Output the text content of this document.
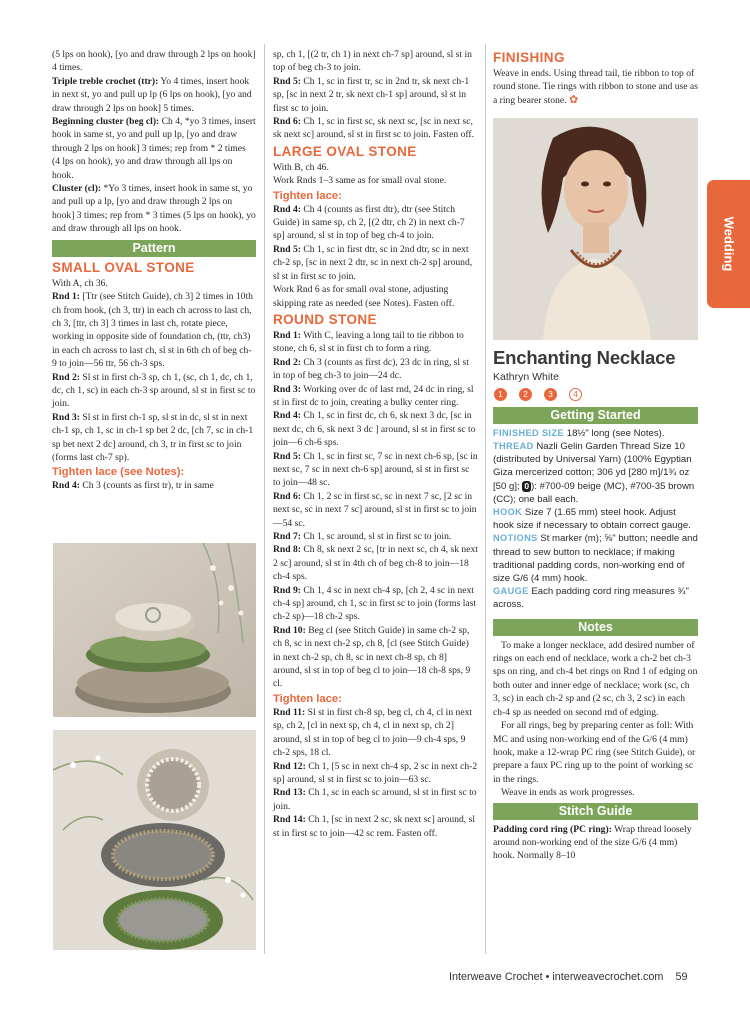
(5 lps on hook), [yo and draw through 2 lps on hook] 4 times.

Triple treble crochet (ttr): Yo 4 times, insert hook in next st, yo and pull up lp (6 lps on hook), [yo and draw through 2 lps on hook] 5 times.

Beginning cluster (beg cl): Ch 4, *yo 3 times, insert hook in same st, yo and pull up lp, [yo and draw through 2 lps on hook] 3 times; rep from * 2 times (4 lps on hook), yo and draw through all lps on hook.

Cluster (cl): *Yo 3 times, insert hook in same st, yo and pull up a lp, [yo and draw through 2 lps on hook] 3 times; rep from * 3 times (5 lps on hook), yo and draw through all lps on hook.

Pattern
SMALL OVAL STONE

With A, ch 36.

Rnd 1: [Ttr (see Stitch Guide), ch 3] 2 times in 10th ch from hook, (ch 3, ttr) in each ch across to last ch, ch 3, [ttr, ch 3] 3 times in last ch, rotate piece, working in opposite side of foundation ch, (ttr, ch3) in each ch across to last ch, sl st in 6th ch of beg ch-9 to join—56 ttr, 56 ch-3 sps.

Rnd 2: Sl st in first ch-3 sp, ch 1, (sc, ch 1, dc, ch 1, dc, ch 1, sc) in each ch-3 sp around, sl st in first sc to join.

Rnd 3: Sl st in first ch-1 sp, sl st in dc, sl st in next ch-1 sp, ch 1, sc in ch-1 sp bet 2 dc, [ch 7, sc in ch-1 sp bet next 2 dc] around, ch 3, tr in first sc to join (forms last ch-7 sp).

Tighten lace (see Notes):

Rnd 4: Ch 3 (counts as first tr), tr in same

sp, ch 1, [(2 tr, ch 1) in next ch-7 sp] around, sl st in top of beg ch-3 to join.

Rnd 5: Ch 1, sc in first tr, sc in 2nd tr, sk next ch-1 sp, [sc in next 2 tr, sk next ch-1 sp] around, sl st in first sc to join.

Rnd 6: Ch 1, sc in first sc, sk next sc, [sc in next sc, sk next sc] around, sl st in first sc to join. Fasten off.

LARGE OVAL STONE

With B, ch 46.

Work Rnds 1–3 same as for small oval stone.

Tighten lace:

Rnd 4: Ch 4 (counts as first dtr), dtr (see Stitch Guide) in same sp, ch 2, [(2 dtr, ch 2) in next ch-7 sp] around, sl st in top of beg ch-4 to join.

Rnd 5: Ch 1, sc in first dtr, sc in 2nd dtr, sc in next ch-2 sp, [sc in next 2 dtr, sc in next ch-2 sp] around, sl st in first sc to join.

Work Rnd 6 as for small oval stone, adjusting skipping rate as needed (see Notes). Fasten off.

ROUND STONE

Rnd 1: With C, leaving a long tail to tie ribbon to stone, ch 6, sl st in first ch to form a ring.

Rnd 2: Ch 3 (counts as first dc), 23 dc in ring, sl st in top of beg ch-3 to join—24 dc.

Rnd 3: Working over dc of last rnd, 24 dc in ring, sl st in first dc to join, creating a bulky center ring.

Rnd 4: Ch 1, sc in first dc, ch 6, sk next 3 dc, [sc in next dc, ch 6, sk next 3 dc ] around, sl st in first sc to join—6 ch-6 sps.

Rnd 5: Ch 1, sc in first sc, 7 sc in next ch-6 sp, [sc in next sc, 7 sc in next ch-6 sp] around, sl st in first sc to join—48 sc.

Rnd 6: Ch 1, 2 sc in first sc, sc in next 7 sc, [2 sc in next sc, sc in next 7 sc] around, sl st in first sc to join—54 sc.

Rnd 7: Ch 1, sc around, sl st in first sc to join.

Rnd 8: Ch 8, sk next 2 sc, [tr in next sc, ch 4, sk next 2 sc] around, sl st in 4th ch of beg ch-8 to join—18 ch-4 sps.

Rnd 9: Ch 1, 4 sc in next ch-4 sp, [ch 2, 4 sc in next ch-4 sp] around, ch 1, sc in first sc to join (forms last ch-2 sp)—18 ch-2 sps.

Rnd 10: Beg cl (see Stitch Guide) in same ch-2 sp, ch 8, sc in next ch-2 sp, ch 8, [cl (see Stitch Guide) in next ch-2 sp, ch 8, sc in next ch-8 sp, ch 8] around, sl st in top of beg cl to join—18 ch-8 sps, 9 cl.

Tighten lace:

Rnd 11: Sl st in first ch-8 sp, beg cl, ch 4, cl in next sp, ch 2, [cl in next sp, ch 4, cl in next sp, ch 2] around, sl st in top of beg cl to join—9 ch-4 sps, 9 ch-2 sps, 18 cl.

Rnd 12: Ch 1, [5 sc in next ch-4 sp, 2 sc in next ch-2 sp] around, sl st in first sc to join—63 sc.

Rnd 13: Ch 1, sc in each sc around, sl st in first sc to join.

Rnd 14: Ch 1, [sc in next 2 sc, sk next sc] around, sl st in first sc to join—42 sc rem. Fasten off.

FINISHING

Weave in ends. Using thread tail, tie ribbon to top of round stone. Tie rings with ribbon to stone and use as a ring bearer stone. ✿

Enchanting Necklace
Kathryn White
1 2 3 4
Getting Started

FINISHED SIZE 18½" long (see Notes).

THREAD Nazli Gelin Garden Thread Size 10 (distributed by Universal Yarn) (100% Egyptian Giza mercerized cotton; 306 yd [280 m]/1¾ oz [50 g]; 0 ): #700-09 beige (MC), #700-35 brown (CC); one ball each.

HOOK Size 7 (1.65 mm) steel hook. Adjust hook size if necessary to obtain correct gauge.

NOTIONS St marker (m); ⅝" button; needle and thread to sew button to necklace; if making traditional padding cords, non-working end of size G/6 (4 mm) hook.

GAUGE Each padding cord ring measures ¾" across.

Notes

To make a longer necklace, add desired number of rings on each end of necklace, work a ch-2 bet ch-3 sps on ring, and ch-4 bet rings on Rnd 1 of edging on both outer and inner edge of necklace; work (sc, ch 3, sc) in each ch-2 sp and (2 sc, ch 3, 2 sc) in each ch-4 sp as needed on second rnd of edging.

For all rings, beg by preparing center as foll: With MC and using non-working end of the G/6 (4 mm) hook, make a 12-wrap PC ring (see Stitch Guide), or prepare a faux PC ring up to the point of working sc in the rings.

Weave in ends as work progresses.

Stitch Guide

Padding cord ring (PC ring): Wrap thread loosely around non-working end of the size G/6 (4 mm) hook. Normally 8–10

Wedding
Interweave Crochet • interweavecrochet.com 59
